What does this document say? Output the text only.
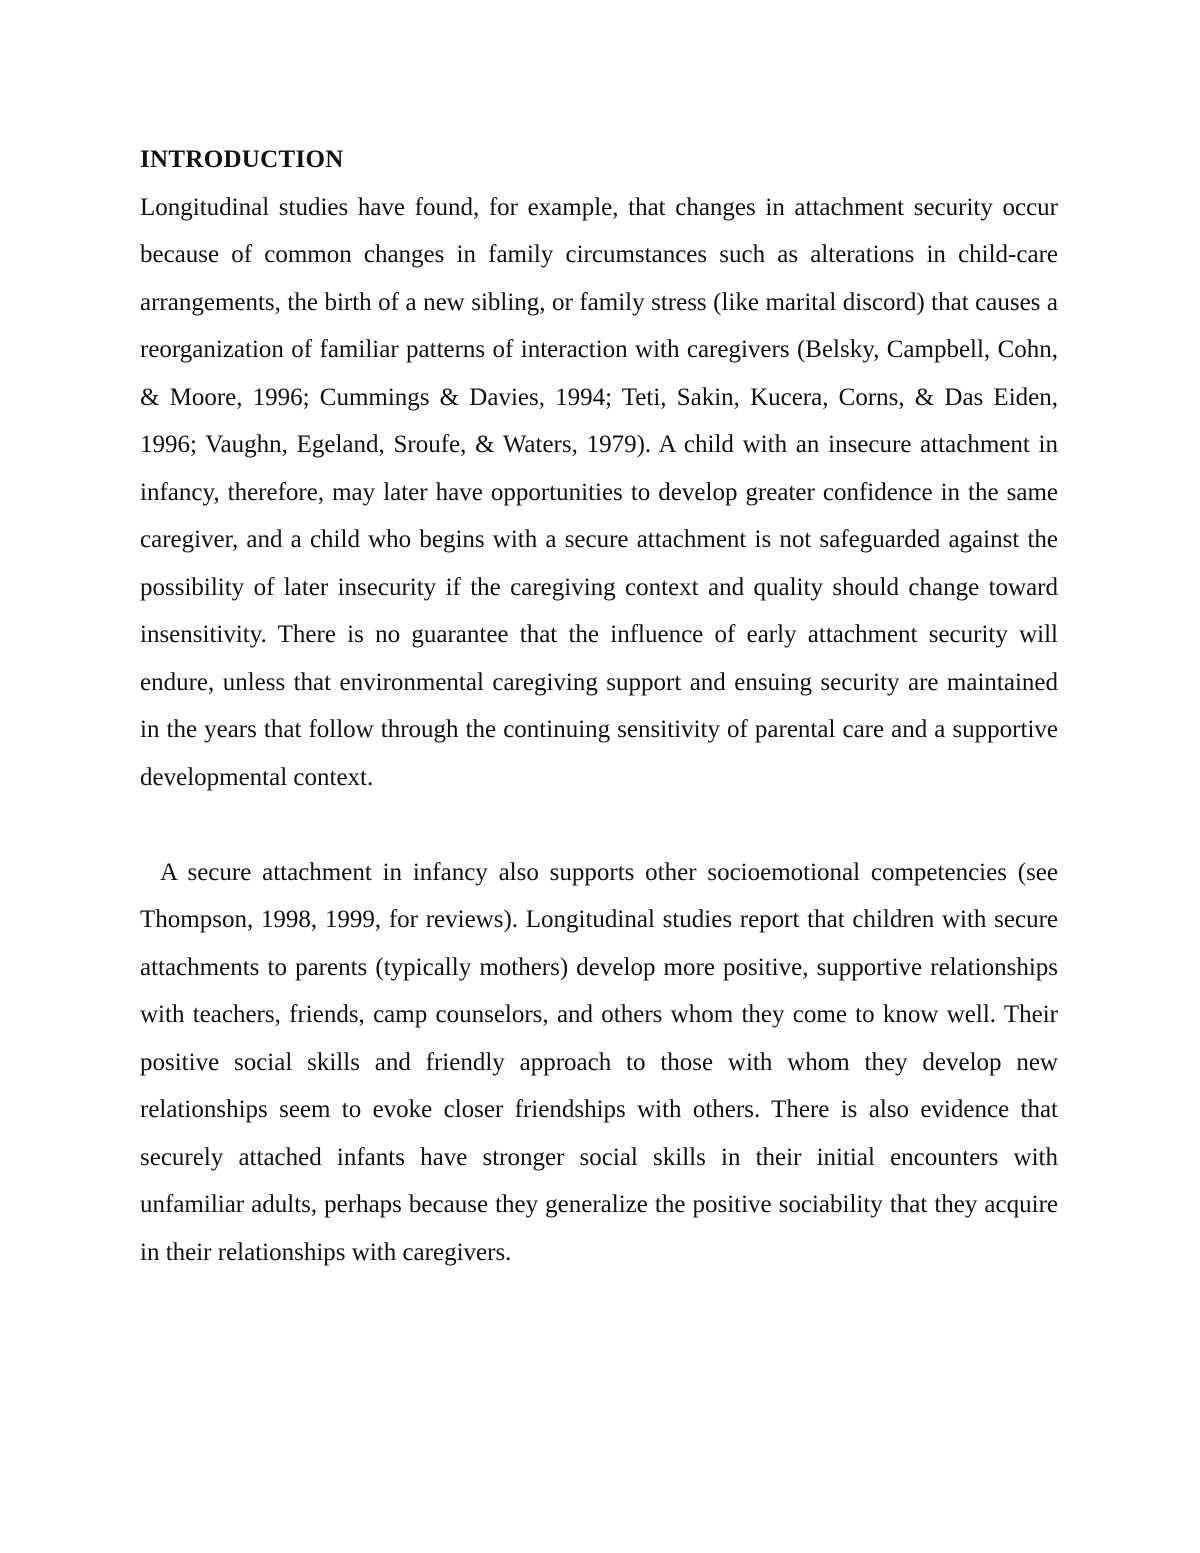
INTRODUCTION

Longitudinal studies have found, for example, that changes in attachment security occur because of common changes in family circumstances such as alterations in child-care arrangements, the birth of a new sibling, or family stress (like marital discord) that causes a reorganization of familiar patterns of interaction with caregivers (Belsky, Campbell, Cohn, & Moore, 1996; Cummings & Davies, 1994; Teti, Sakin, Kucera, Corns, & Das Eiden, 1996; Vaughn, Egeland, Sroufe, & Waters, 1979). A child with an insecure attachment in infancy, therefore, may later have opportunities to develop greater confidence in the same caregiver, and a child who begins with a secure attachment is not safeguarded against the possibility of later insecurity if the caregiving context and quality should change toward insensitivity. There is no guarantee that the influence of early attachment security will endure, unless that environmental caregiving support and ensuing security are maintained in the years that follow through the continuing sensitivity of parental care and a supportive developmental context.

A secure attachment in infancy also supports other socioemotional competencies (see Thompson, 1998, 1999, for reviews). Longitudinal studies report that children with secure attachments to parents (typically mothers) develop more positive, supportive relationships with teachers, friends, camp counselors, and others whom they come to know well. Their positive social skills and friendly approach to those with whom they develop new relationships seem to evoke closer friendships with others. There is also evidence that securely attached infants have stronger social skills in their initial encounters with unfamiliar adults, perhaps because they generalize the positive sociability that they acquire in their relationships with caregivers.
